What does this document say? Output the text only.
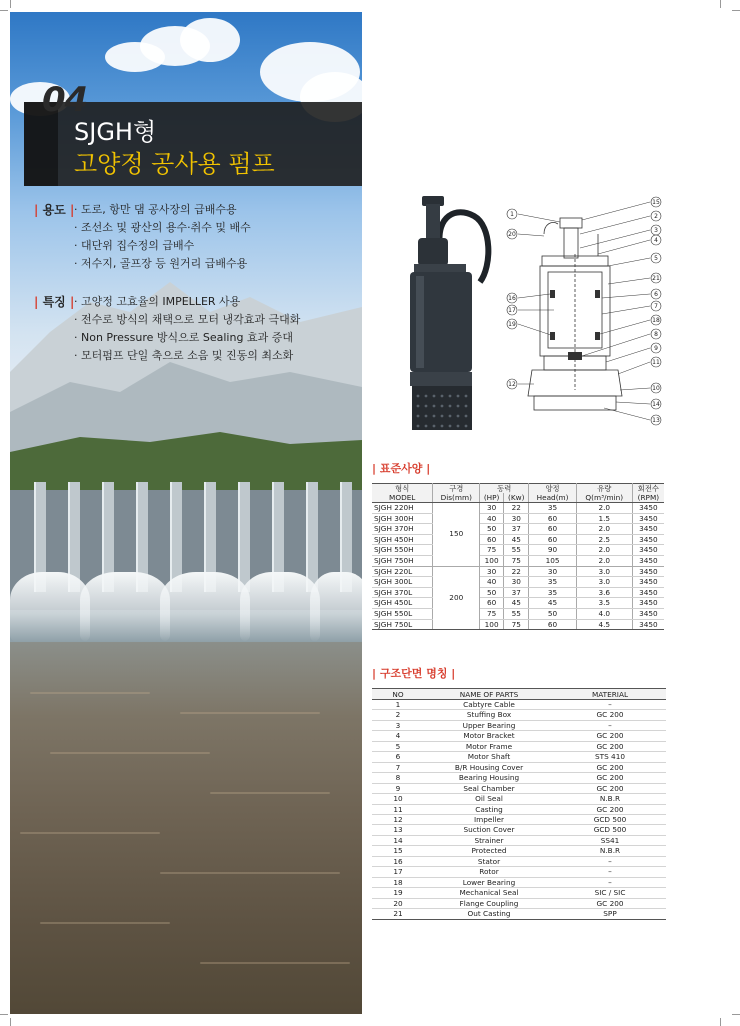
04
SJGH형
고양정 공사용 펌프
| 용도 | · 도로, 항만 댐 공사장의 급배수용
· 조선소 및 광산의 용수·취수 및 배수
· 대단위 집수정의 급배수
· 저수지, 골프장 등 원거리 급배수용
| 특징 | · 고양정 고효율의 IMPELLER 사용
· 전수로 방식의 채택으로 모터 냉각효과 극대화
· Non Pressure 방식으로 Sealing 효과 증대
· 모터펌프 단일 축으로 소음 및 진동의 최소화
1
20
16
17
19
12
15
2
3
4
5
21
6
7
18
8
9
11
10
14
13
| 표준사양 |
형식	구경	동력		양정	유량	회전수
MODEL	Dis(mm)	(HP)	(Kw)	Head(m)	Q(m³/min)	(RPM)
SJGH 220H	150	30	22	35	2.0	3450
SJGH 300H		40	30	60	1.5	3450
SJGH 370H		50	37	60	2.0	3450
SJGH 450H		60	45	60	2.5	3450
SJGH 550H		75	55	90	2.0	3450
SJGH 750H		100	75	105	2.0	3450
SJGH 220L	200	30	22	30	3.0	3450
SJGH 300L		40	30	35	3.0	3450
SJGH 370L		50	37	35	3.6	3450
SJGH 450L		60	45	45	3.5	3450
SJGH 550L		75	55	50	4.0	3450
SJGH 750L		100	75	60	4.5	3450
| 구조단면 명칭 |
NO	NAME OF PARTS	MATERIAL
1	Cabtyre Cable	–
2	Stuffing Box	GC 200
3	Upper Bearing	–
4	Motor Bracket	GC 200
5	Motor Frame	GC 200
6	Motor Shaft	STS 410
7	B/R Housing Cover	GC 200
8	Bearing Housing	GC 200
9	Seal Chamber	GC 200
10	Oil Seal	N.B.R
11	Casting	GC 200
12	Impeller	GCD 500
13	Suction Cover	GCD 500
14	Strainer	SS41
15	Protected	N.B.R
16	Stator	–
17	Rotor	–
18	Lower Bearing	–
19	Mechanical Seal	SIC / SIC
20	Flange Coupling	GC 200
21	Out Casting	SPP
